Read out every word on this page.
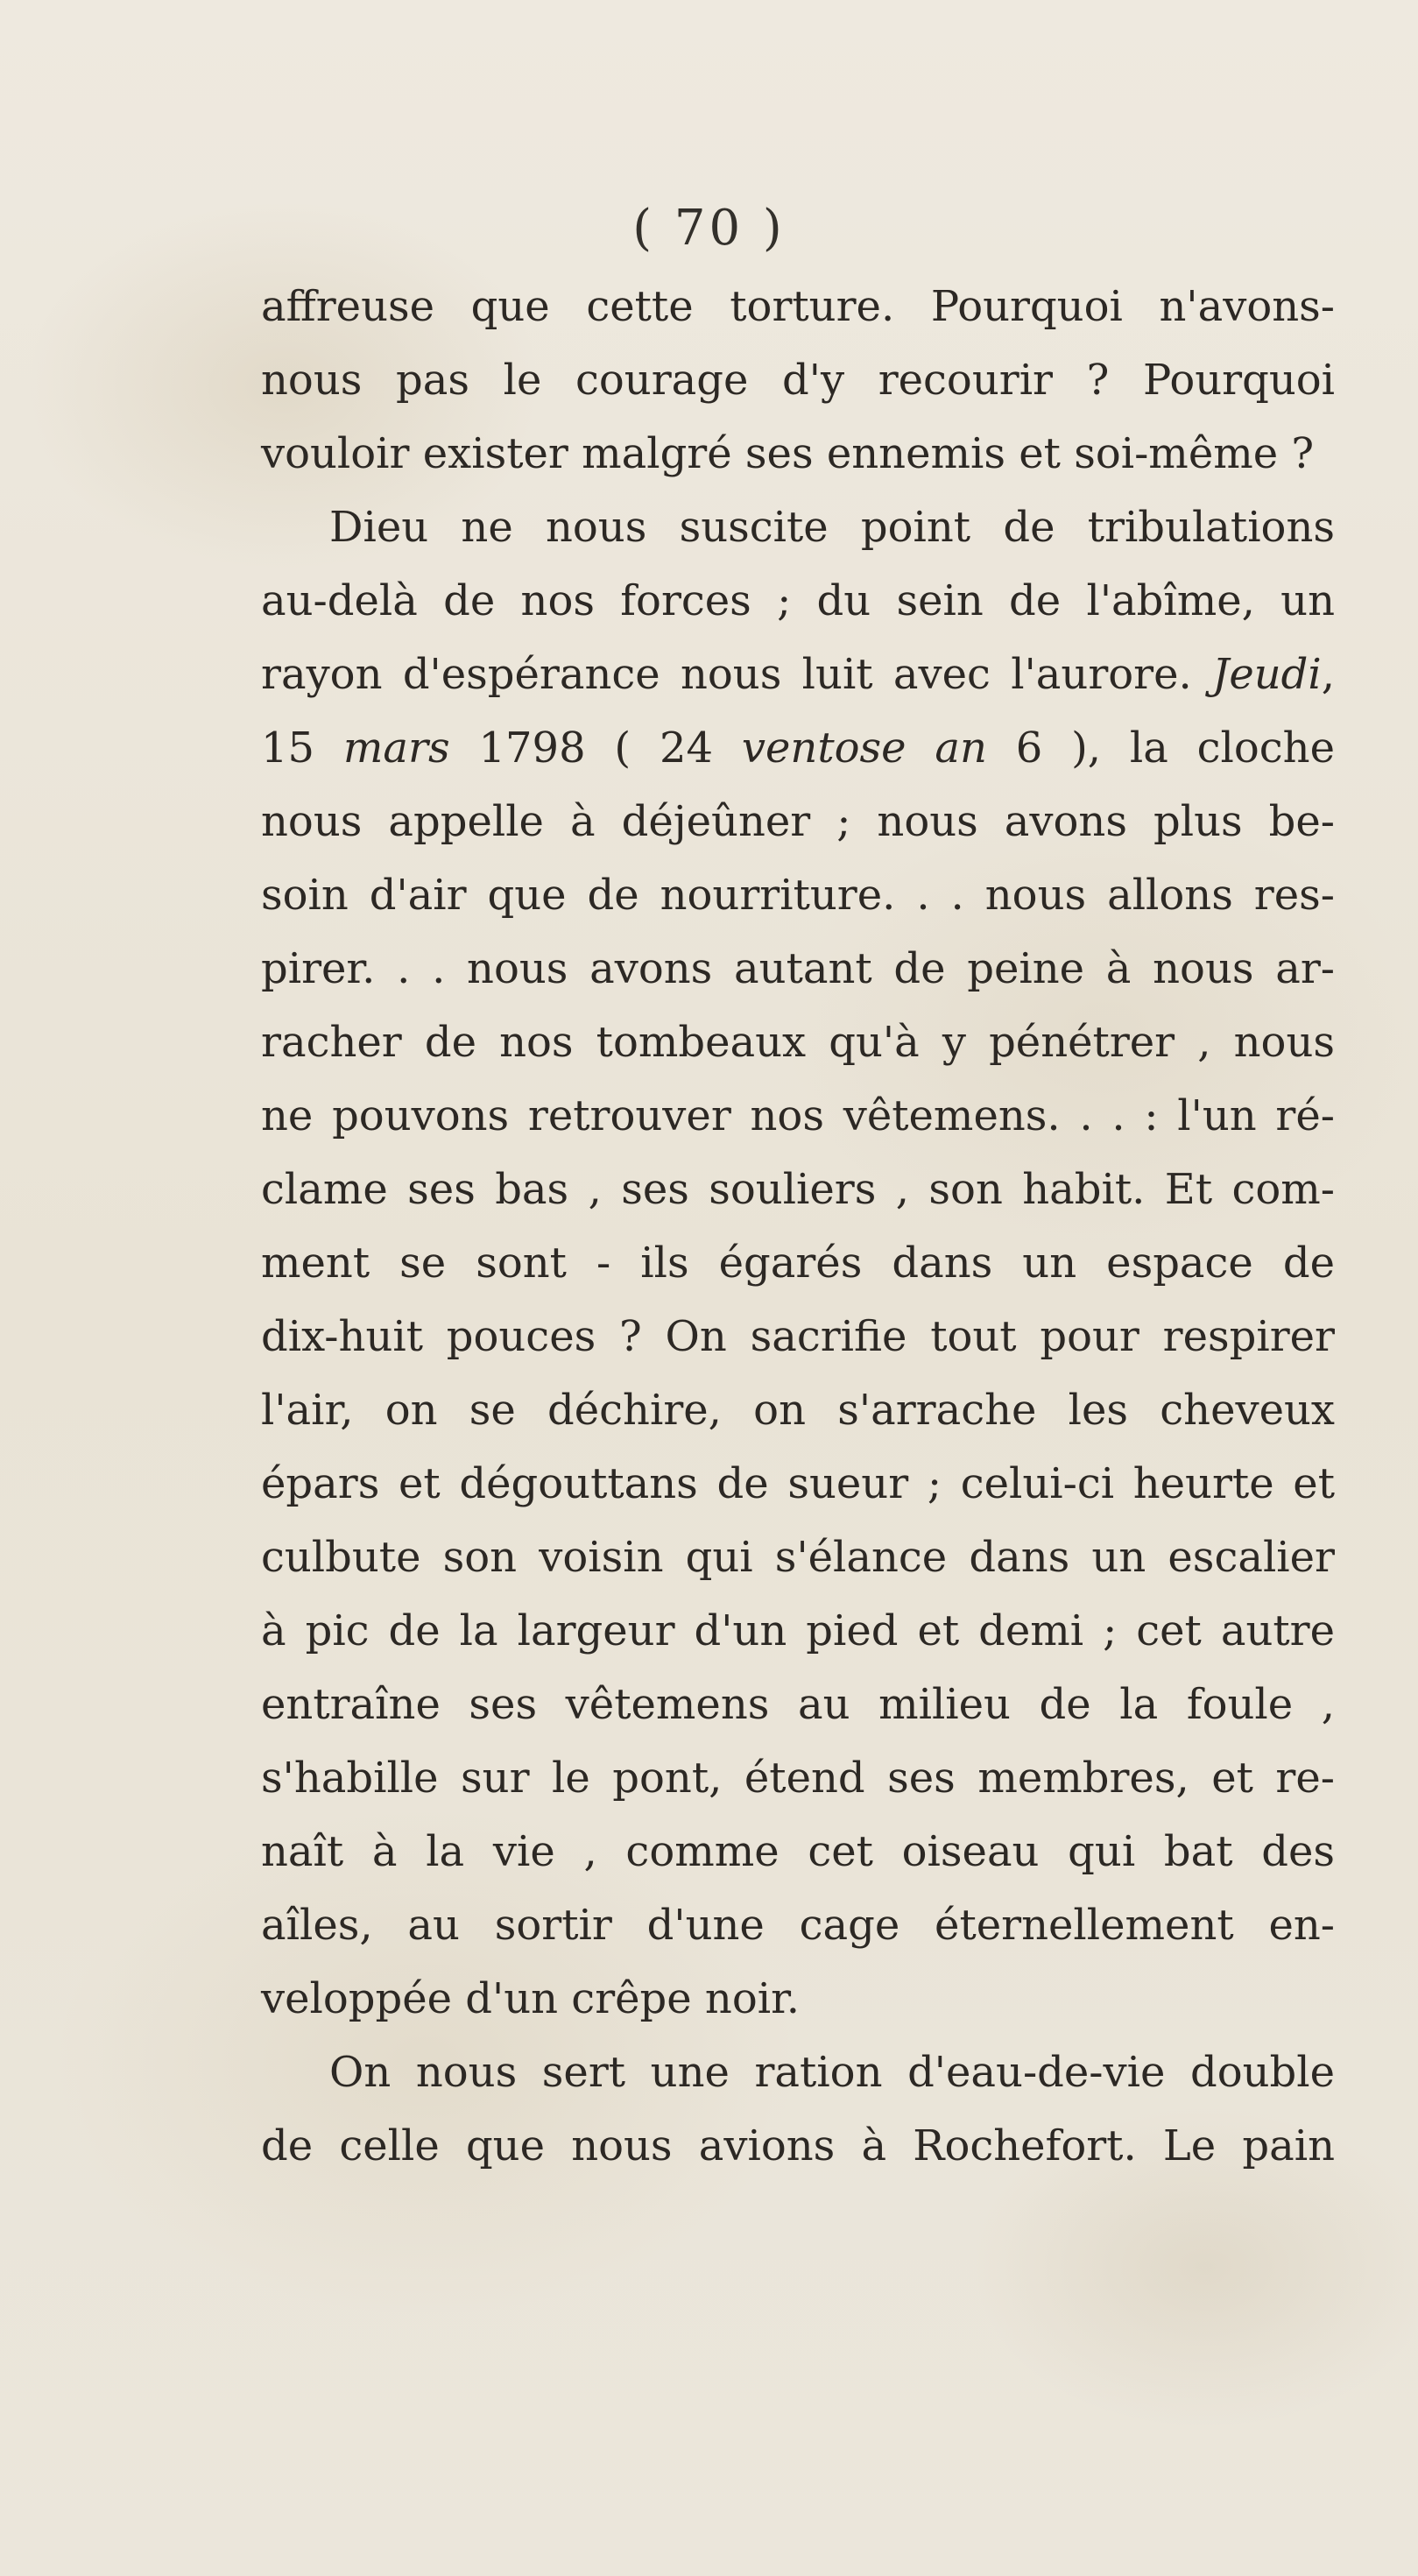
( 70 )
affreuse que cette torture. Pourquoi n'avons-
nous pas le courage d'y recourir ? Pourquoi
vouloir exister malgré ses ennemis et soi-même ?
Dieu ne nous suscite point de tribulations
au-delà de nos forces ; du sein de l'abîme, un
rayon d'espérance nous luit avec l'aurore. Jeudi,
15 mars 1798 ( 24 ventose an 6 ), la cloche
nous appelle à déjeûner ; nous avons plus be-
soin d'air que de nourriture. . . nous allons res-
pirer. . . nous avons autant de peine à nous ar-
racher de nos tombeaux qu'à y pénétrer , nous
ne pouvons retrouver nos vêtemens. . . : l'un ré-
clame ses bas , ses souliers , son habit. Et com-
ment se sont - ils égarés dans un espace de
dix-huit pouces ? On sacrifie tout pour respirer
l'air, on se déchire, on s'arrache les cheveux
épars et dégouttans de sueur ; celui-ci heurte et
culbute son voisin qui s'élance dans un escalier
à pic de la largeur d'un pied et demi ; cet autre
entraîne ses vêtemens au milieu de la foule ,
s'habille sur le pont, étend ses membres, et re-
naît à la vie , comme cet oiseau qui bat des
aîles, au sortir d'une cage éternellement en-
veloppée d'un crêpe noir.
On nous sert une ration d'eau-de-vie double
de celle que nous avions à Rochefort. Le pain
